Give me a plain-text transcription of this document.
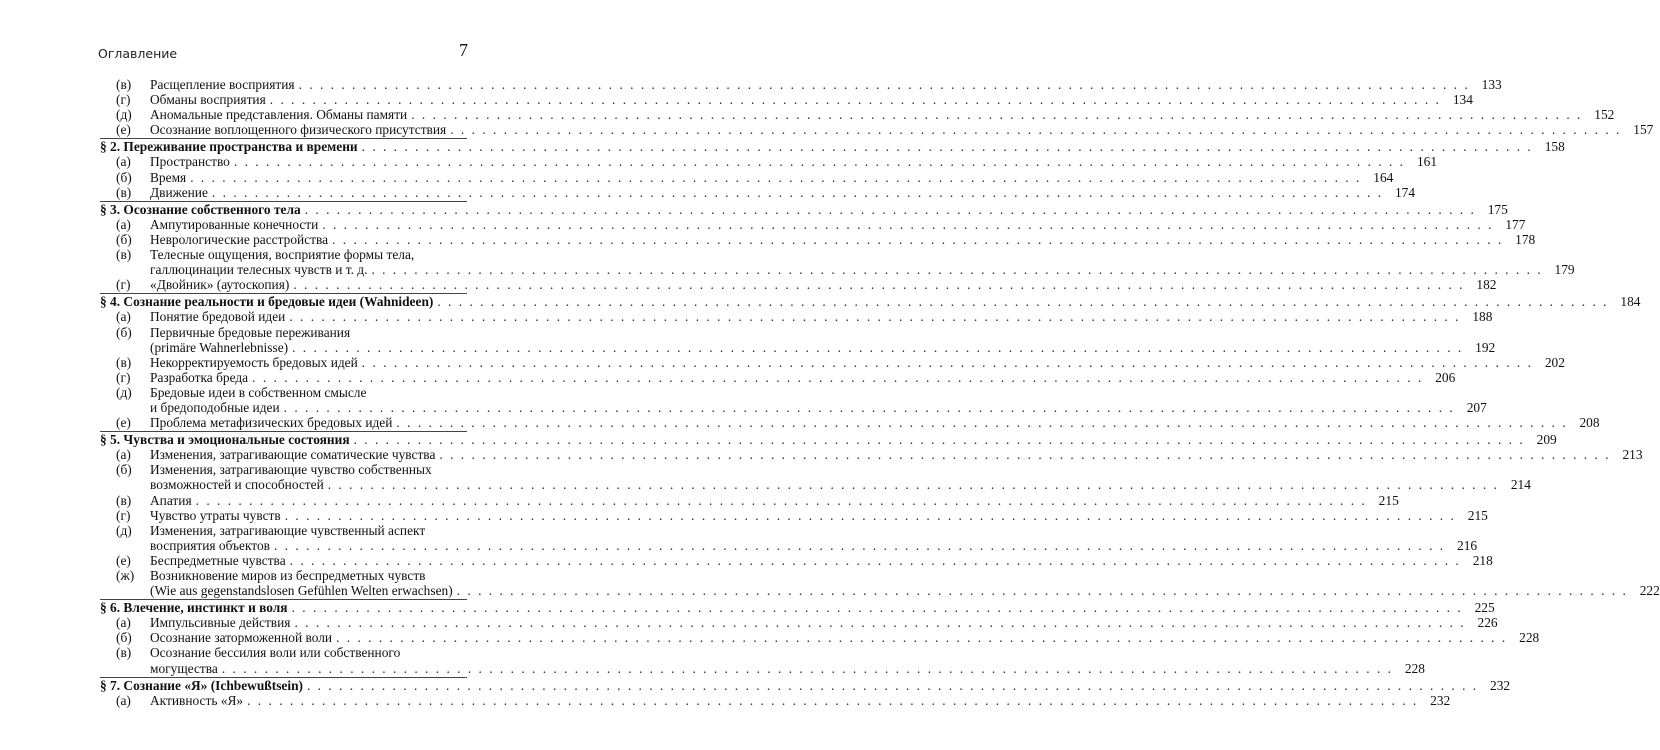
Оглавление	7
(в)	Расщепление восприятия . . .	133
(г)	Обманы восприятия . . .	134
(д)	Аномальные представления. Обманы памяти . . .	152
(е)	Осознание воплощенного физического присутствия . . .	157
§ 2. Переживание пространства и времени . . .	158
(а)	Пространство . . .	161
(б)	Время . . .	164
(в)	Движение . . .	174
§ 3. Осознание собственного тела . . .	175
(а)	Ампутированные конечности . . .	177
(б)	Неврологические расстройства . . .	178
(в)	Телесные ощущения, восприятие формы тела,
галлюцинации телесных чувств и т. д. . . .	179
(г)	«Двойник» (аутоскопия) . . .	182
§ 4. Сознание реальности и бредовые идеи (Wahnideen) . . .	184
(а)	Понятие бредовой идеи . . .	188
(б)	Первичные бредовые переживания
(primäre Wahnerlebnisse) . . .	192
(в)	Некорректируемость бредовых идей . . .	202
(г)	Разработка бреда . . .	206
(д)	Бредовые идеи в собственном смысле
и бредоподобные идеи . . .	207
(е)	Проблема метафизических бредовых идей . . .	208
§ 5. Чувства и эмоциональные состояния . . .	209
(а)	Изменения, затрагивающие соматические чувства . . .	213
(б)	Изменения, затрагивающие чувство собственных
возможностей и способностей . . .	214
(в)	Апатия . . .	215
(г)	Чувство утраты чувств . . .	215
(д)	Изменения, затрагивающие чувственный аспект
восприятия объектов . . .	216
(е)	Беспредметные чувства . . .	218
(ж)	Возникновение миров из беспредметных чувств
(Wie aus gegenstandslosen Gefühlen Welten erwachsen) . . .	222
§ 6. Влечение, инстинкт и воля . . .	225
(а)	Импульсивные действия . . .	226
(б)	Осознание заторможенной воли . . .	228
(в)	Осознание бессилия воли или собственного
могущества . . .	228
§ 7. Сознание «Я» (Ichbewußtsein) . . .	232
(а)	Активность «Я» . . .	232
